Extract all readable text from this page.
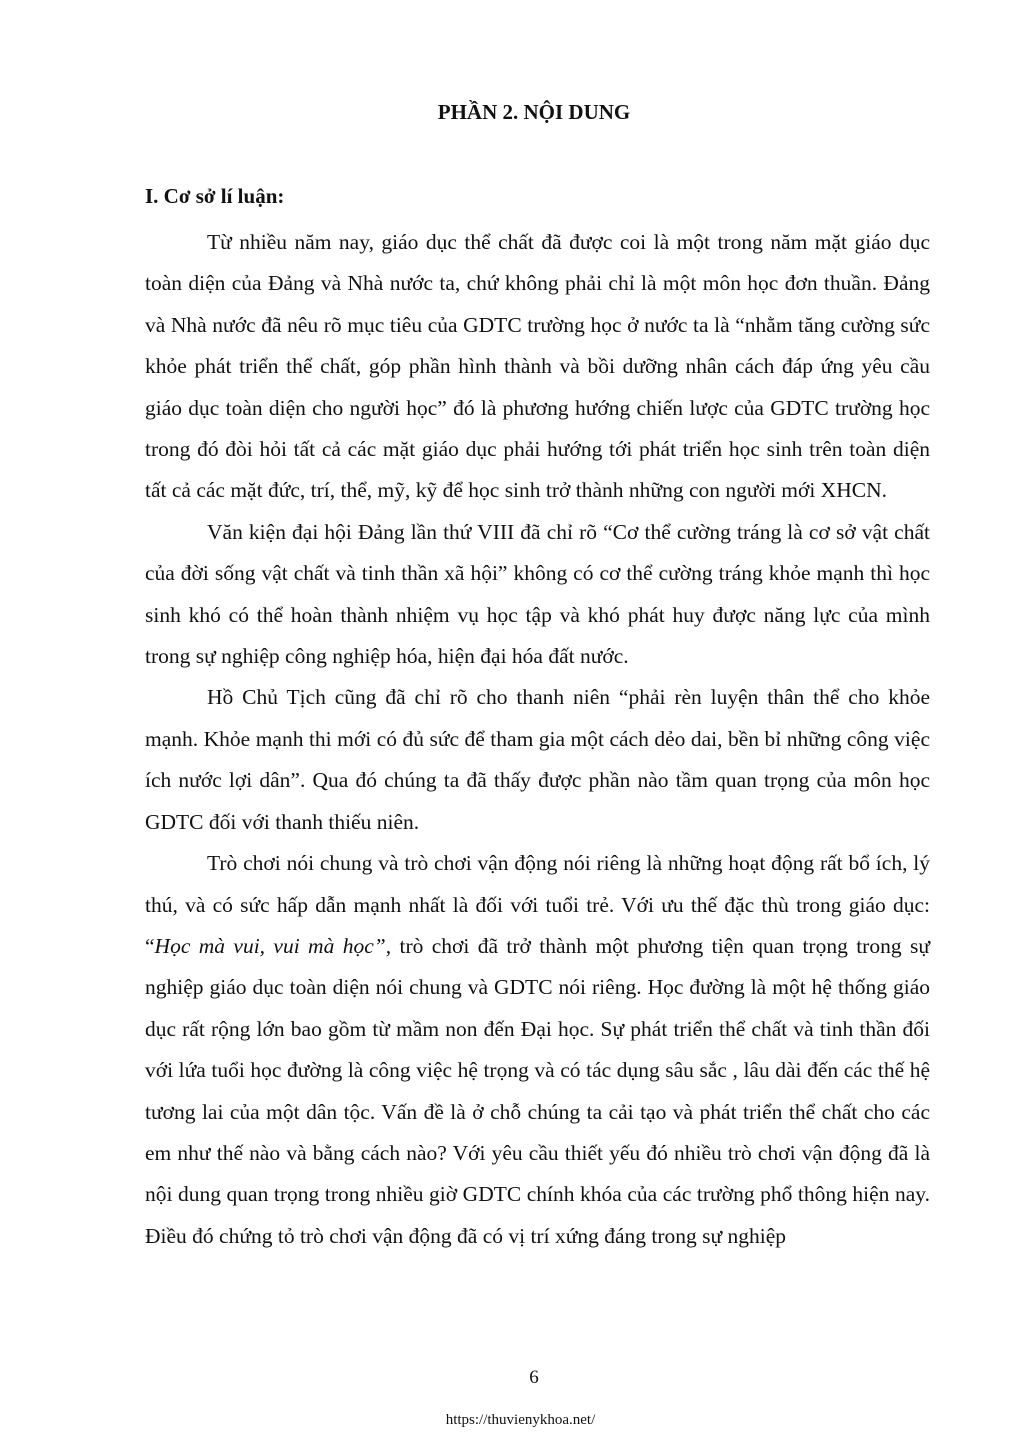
PHẦN 2. NỘI DUNG
I. Cơ sở lí luận:

Từ nhiều năm nay, giáo dục thể chất đã được coi là một trong năm mặt giáo dục toàn diện của Đảng và Nhà nước ta, chứ không phải chỉ là một môn học đơn thuần. Đảng và Nhà nước đã nêu rõ mục tiêu của GDTC trường học ở nước ta là “nhằm tăng cường sức khỏe phát triển thể chất, góp phần hình thành và bồi dưỡng nhân cách đáp ứng yêu cầu giáo dục toàn diện cho người học” đó là phương hướng chiến lược của GDTC trường học trong đó đòi hỏi tất cả các mặt giáo dục phải hướng tới phát triển học sinh trên toàn diện tất cả các mặt đức, trí, thể, mỹ, kỹ để học sinh trở thành những con người mới XHCN.

Văn kiện đại hội Đảng lần thứ VIII đã chỉ rõ “Cơ thể cường tráng là cơ sở vật chất của đời sống vật chất và tinh thần xã hội” không có cơ thể cường tráng khỏe mạnh thì học sinh khó có thể hoàn thành nhiệm vụ học tập và khó phát huy được năng lực của mình trong sự nghiệp công nghiệp hóa, hiện đại hóa đất nước.

Hồ Chủ Tịch cũng đã chỉ rõ cho thanh niên “phải rèn luyện thân thể cho khỏe mạnh. Khỏe mạnh thi mới có đủ sức để tham gia một cách dẻo dai, bền bỉ những công việc ích nước lợi dân”. Qua đó chúng ta đã thấy được phần nào tầm quan trọng của môn học GDTC đối với thanh thiếu niên.

Trò chơi nói chung và trò chơi vận động nói riêng là những hoạt động rất bổ ích, lý thú, và có sức hấp dẫn mạnh nhất là đối với tuổi trẻ. Với ưu thế đặc thù trong giáo dục: “Học mà vui, vui mà học”, trò chơi đã trở thành một phương tiện quan trọng trong sự nghiệp giáo dục toàn diện nói chung và GDTC nói riêng. Học đường là một hệ thống giáo dục rất rộng lớn bao gồm từ mầm non đến Đại học. Sự phát triển thể chất và tinh thần đối với lứa tuổi học đường là công việc hệ trọng và có tác dụng sâu sắc , lâu dài đến các thế hệ tương lai của một dân tộc. Vấn đề là ở chỗ chúng ta cải tạo và phát triển thể chất cho các em như thế nào và bằng cách nào? Với yêu cầu thiết yếu đó nhiều trò chơi vận động đã là nội dung quan trọng trong nhiều giờ GDTC chính khóa của các trường phổ thông hiện nay. Điều đó chứng tỏ trò chơi vận động đã có vị trí xứng đáng trong sự nghiệp

6
https://thuvienykhoa.net/
